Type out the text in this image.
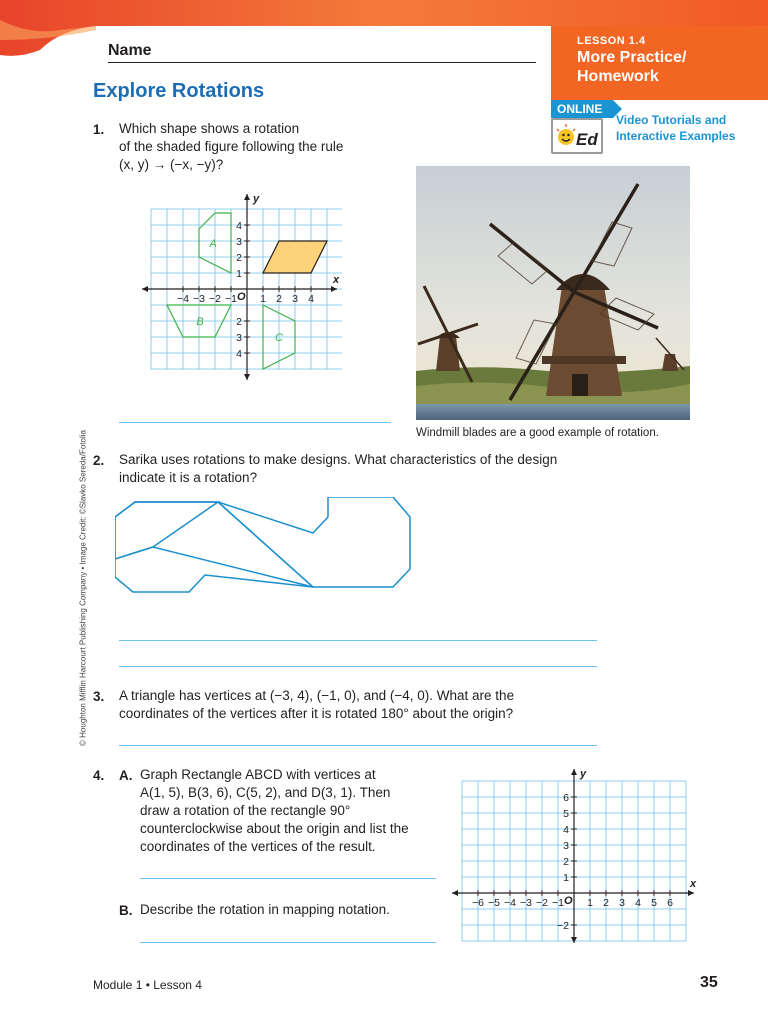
Name
LESSON 1.4
More Practice/
Homework
ONLINE
Ed
Video Tutorials and
Interactive Examples
Explore Rotations
1. Which shape shows a rotation
of the shaded figure following the rule
(x, y) → (−x, −y)?
A
B
C
x
y
O
−4 −3 −2 −1 1 2 3 4
4
3
2
1
2
3
4
Windmill blades are a good example of rotation.
© Houghton Mifflin Harcourt Publishing Company • Image Credit: ©Slavko Sereda/Fotolia 2. Sarika uses rotations to make designs. What characteristics of the design
indicate it is a rotation?
3. A triangle has vertices at (−3, 4), (−1, 0), and (−4, 0). What are the
coordinates of the vertices after it is rotated 180° about the origin?
4. A. Graph Rectangle ABCD with vertices at
A(1, 5), B(3, 6), C(5, 2), and D(3, 1). Then
draw a rotation of the rectangle 90°
counterclockwise about the origin and list the
coordinates of the vertices of the result.
B. Describe the rotation in mapping notation.
x
y
O
−6 −5 −4 −3 −2 −1 1 2 3 4 5 6
6
5
4
3
2
1
−2
Module 1 • Lesson 4	35
